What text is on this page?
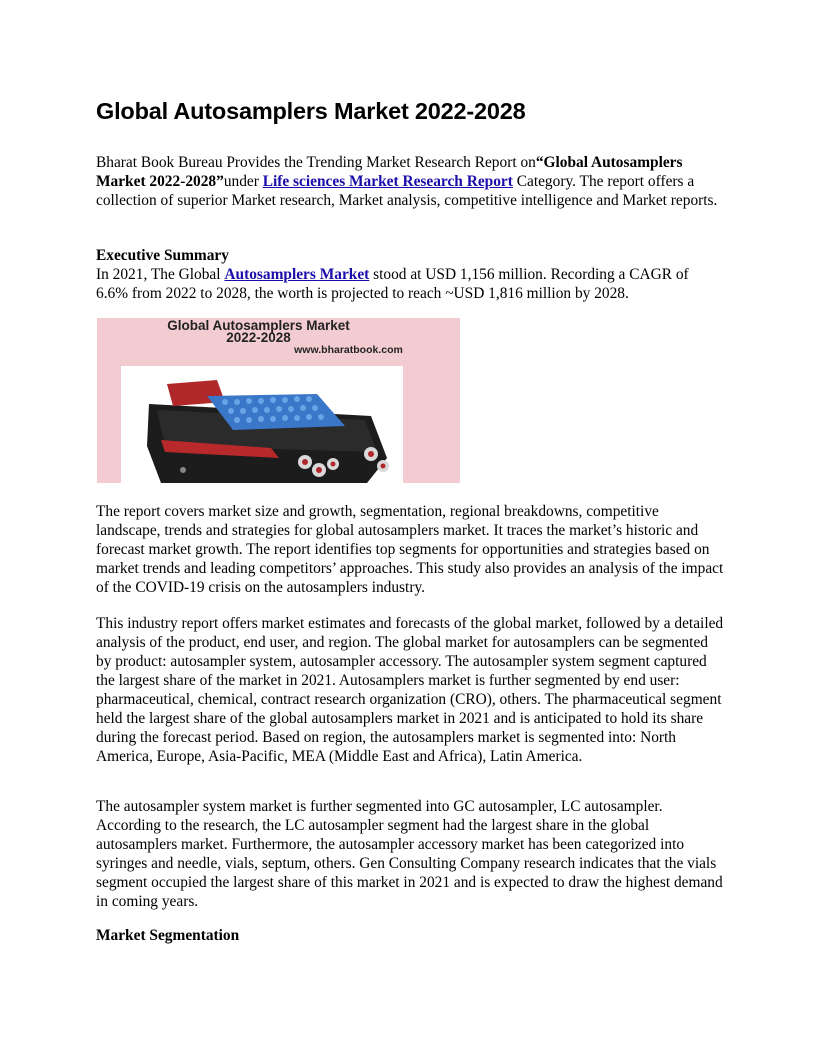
Global Autosamplers Market 2022-2028

Bharat Book Bureau Provides the Trending Market Research Report on“Global Autosamplers Market 2022-2028”under Life sciences Market Research Report Category. The report offers a collection of superior Market research, Market analysis, competitive intelligence and Market reports.

Executive Summary
In 2021, The Global Autosamplers Market stood at USD 1,156 million. Recording a CAGR of 6.6% from 2022 to 2028, the worth is projected to reach ~USD 1,816 million by 2028.

Global Autosamplers Market
2022-2028
www.bharatbook.com

The report covers market size and growth, segmentation, regional breakdowns, competitive landscape, trends and strategies for global autosamplers market. It traces the market’s historic and forecast market growth. The report identifies top segments for opportunities and strategies based on market trends and leading competitors’ approaches. This study also provides an analysis of the impact of the COVID-19 crisis on the autosamplers industry.

This industry report offers market estimates and forecasts of the global market, followed by a detailed analysis of the product, end user, and region. The global market for autosamplers can be segmented by product: autosampler system, autosampler accessory. The autosampler system segment captured the largest share of the market in 2021. Autosamplers market is further segmented by end user: pharmaceutical, chemical, contract research organization (CRO), others. The pharmaceutical segment held the largest share of the global autosamplers market in 2021 and is anticipated to hold its share during the forecast period. Based on region, the autosamplers market is segmented into: North America, Europe, Asia-Pacific, MEA (Middle East and Africa), Latin America.

The autosampler system market is further segmented into GC autosampler, LC autosampler. According to the research, the LC autosampler segment had the largest share in the global autosamplers market. Furthermore, the autosampler accessory market has been categorized into syringes and needle, vials, septum, others. Gen Consulting Company research indicates that the vials segment occupied the largest share of this market in 2021 and is expected to draw the highest demand in coming years.

Market Segmentation
